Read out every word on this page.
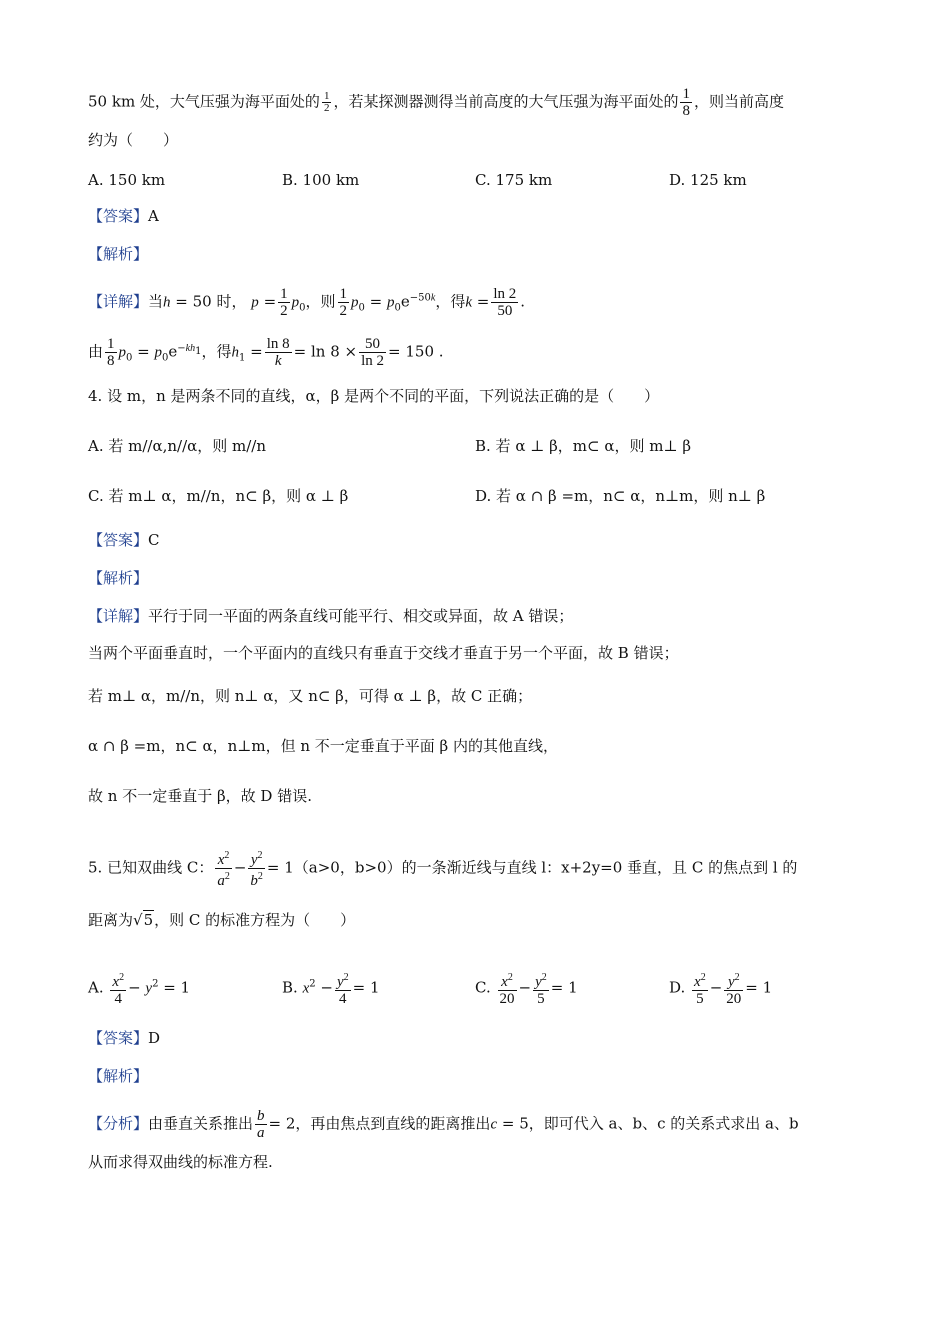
50 km 处，大气压强为海平面处的 $\frac{1}{2}$ ，若某探测器测得当前高度的大气压强为海平面处的 $\frac{1}{8}$ ，则当前高度
约为（　　）
A. 150 km	B. 100 km	C. 175 km	D. 125 km
【答案】A
【解析】
【详解】当h = 50 时， $p = \frac{1}{2} p_0$，则 $\frac{1}{2} p_0 = p_0e^{-50k}$，得$k = \frac{\ln 2}{50}$ .
由 $\frac{1}{8} p_0 = p_0e^{-kh_1}$，得$h_1 = \frac{\ln 8}{k} = \ln 8 \times \frac{50}{\ln 2} = 150$ .
4. 设 m，n 是两条不同的直线，α，β 是两个不同的平面，下列说法正确的是（　　）
A. 若 m//α,n//α，则 m//n	B. 若 α ⊥ β，m⊂ α，则 m⊥ β
C. 若 m⊥ α，m//n，n⊂ β，则 α ⊥ β	D. 若 α ∩ β =m，n⊂ α，n⊥m，则 n⊥ β
【答案】C
【解析】
【详解】平行于同一平面的两条直线可能平行、相交或异面，故 A 错误；
当两个平面垂直时，一个平面内的直线只有垂直于交线才垂直于另一个平面，故 B 错误；
若 m⊥ α，m//n，则 n⊥ α，又 n⊂ β，可得 α ⊥ β，故 C 正确；
α ∩ β =m，n⊂ α，n⊥m，但 n 不一定垂直于平面 β 内的其他直线，
故 n 不一定垂直于 β，故 D 错误.
5. 已知双曲线 C： $\frac{x^2}{a^2} - \frac{y^2}{b^2} = 1(a>0$，b>0）的一条渐近线与直线 l：x+2y=0 垂直，且 C 的焦点到 l 的
距离为√5，则 C 的标准方程为（　　）
A. $\frac{x^2}{4} - y^2 = 1$	B. $x^2 - \frac{y^2}{4} = 1$	C. $\frac{x^2}{20} - \frac{y^2}{5} = 1$	D. $\frac{x^2}{5} - \frac{y^2}{20} = 1$
【答案】D
【解析】
【分析】由垂直关系推出 $\frac{b}{a} = 2$，再由焦点到直线的距离推出c = 5，即可代入 a、b、c 的关系式求出 a、b
从而求得双曲线的标准方程.
